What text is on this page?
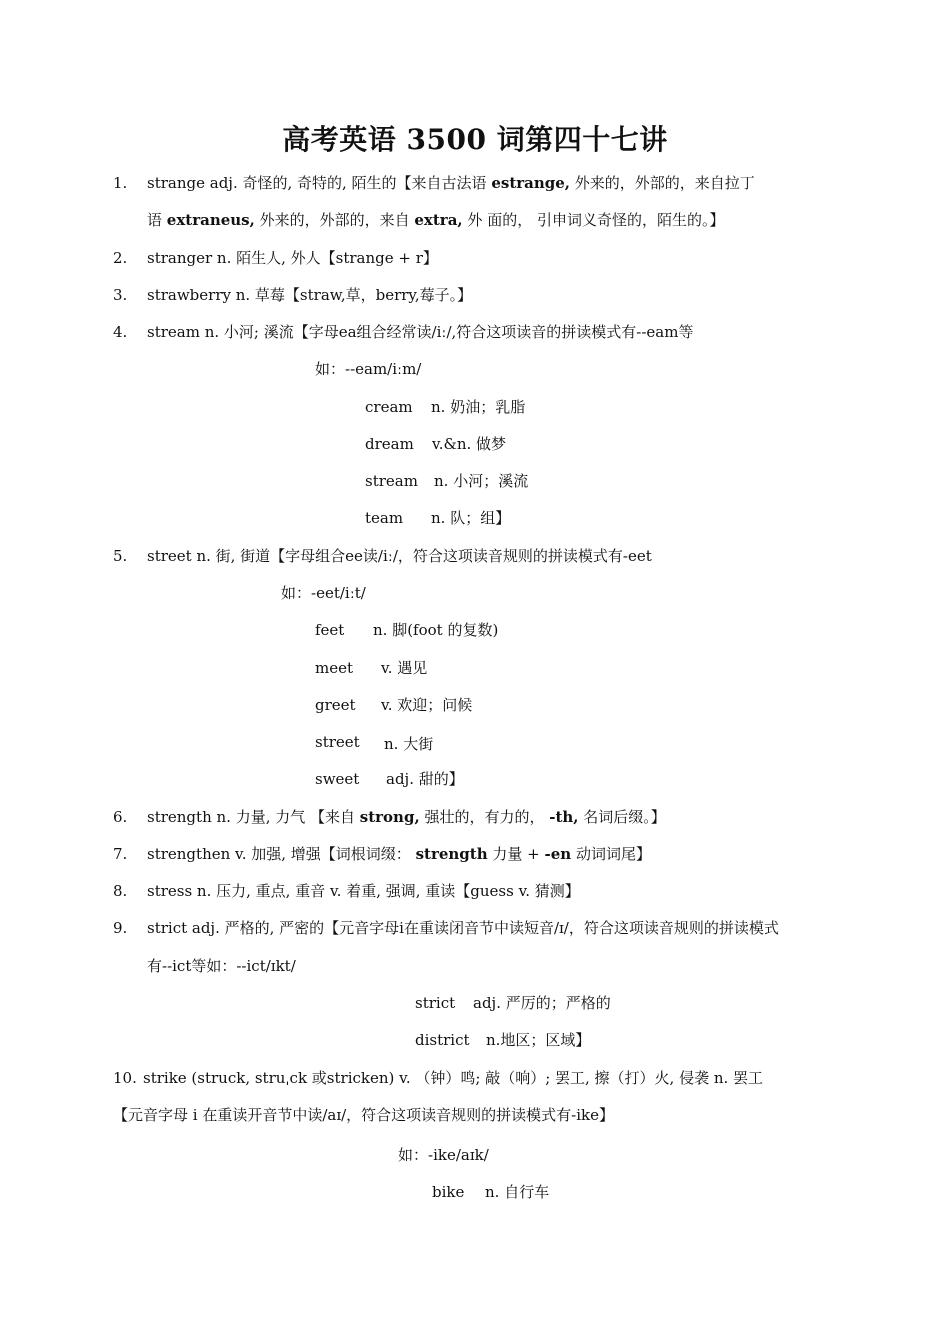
高考英语 3500 词第四十七讲
1. strange adj. 奇怪的, 奇特的, 陌生的【来自古法语 estrange, 外来的，外部的，来自拉丁
语 extraneus, 外来的，外部的，来自 extra, 外 面的， 引申词义奇怪的，陌生的。】
2. stranger n. 陌生人, 外人【strange + r】
3. strawberry n. 草莓【straw,草，berry,莓子。】
4. stream n. 小河; 溪流【字母ea组合经常读/iː/,符合这项读音的拼读模式有--eam等
如：--eam/iːm/
cream n. 奶油；乳脂
dream v.&n. 做梦
stream n. 小河；溪流
team n. 队；组】
5. street n. 街, 街道【字母组合ee读/iː/，符合这项读音规则的拼读模式有-eet
如：-eet/iːt/
feet n. 脚(foot 的复数)
meet v. 遇见
greet v. 欢迎；问候
street n. 大街
sweet adj. 甜的】
6. strength n. 力量, 力气 【来自 strong, 强壮的，有力的， -th, 名词后缀。】
7. strengthen v. 加强, 增强【词根词缀： strength 力量 + -en 动词词尾】
8. stress n. 压力, 重点, 重音 v. 着重, 强调, 重读【guess v. 猜测】
9. strict adj. 严格的, 严密的【元音字母i在重读闭音节中读短音/ɪ/，符合这项读音规则的拼读模式
有--ict等如：--ict/ɪkt/
strict adj. 严厉的；严格的
district n.地区；区域】
10. strike (struck, struˌck 或stricken) v. （钟）鸣; 敲（响）; 罢工, 擦（打）火, 侵袭 n. 罢工
【元音字母 i 在重读开音节中读/aɪ/，符合这项读音规则的拼读模式有-ike】
如：-ike/aɪk/
bike n. 自行车
